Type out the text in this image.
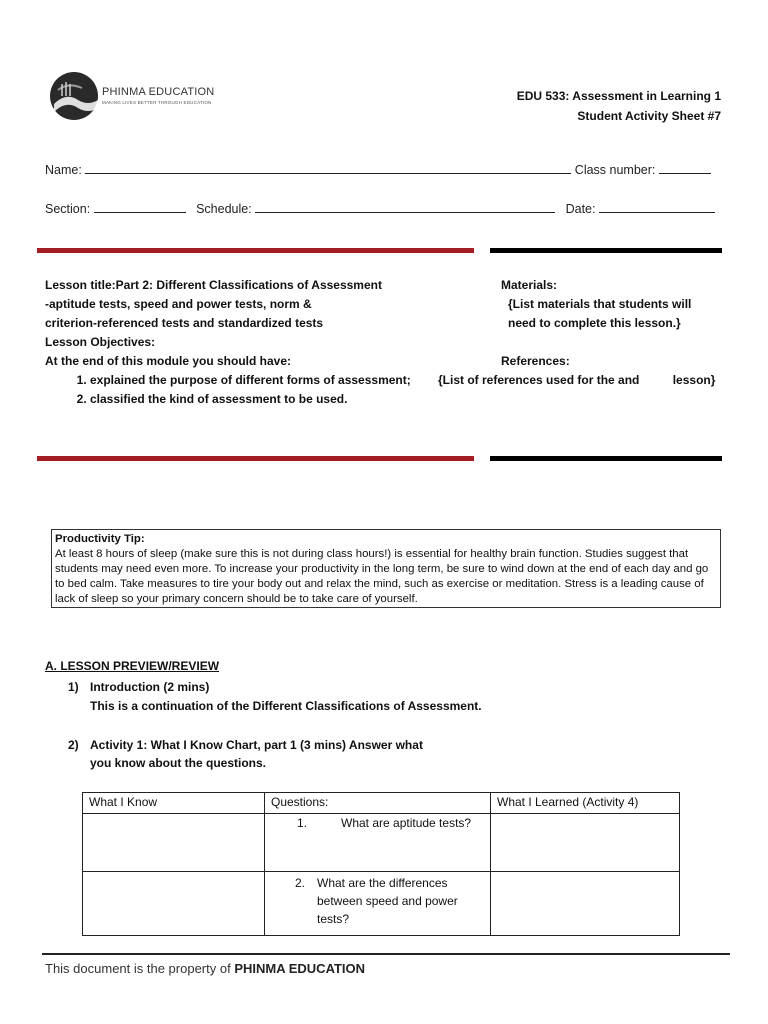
PHINMA EDUCATION
MAKING LIVES BETTER THROUGH EDUCATION	EDU 533: Assessment in Learning 1
Student Activity Sheet #7
Name:	Class number:
Section:	Schedule:	Date:
Lesson title:Part 2: Different Classifications of Assessment
-aptitude tests, speed and power tests, norm &
criterion-referenced tests and standardized tests
Lesson Objectives:
At the end of this module you should have:
1. explained the purpose of different forms of assessment;
2. classified the kind of assessment to be used.
Materials:
{List materials that students will
need to complete this lesson.}
References:
{List of references used for the and          lesson}
Productivity Tip:
At least 8 hours of sleep (make sure this is not during class hours!) is essential for healthy brain function. Studies suggest that students may need even more. To increase your productivity in the long term, be sure to wind down at the end of each day and go to bed calm. Take measures to tire your body out and relax the mind, such as exercise or meditation. Stress is a leading cause of lack of sleep so your primary concern should be to take care of yourself.
A. LESSON PREVIEW/REVIEW
1) Introduction (2 mins)
This is a continuation of the Different Classifications of Assessment.
2) Activity 1: What I Know Chart, part 1 (3 mins) Answer what
you know about the questions.
What I Know	Questions:	What I Learned (Activity 4)
	1. What are aptitude tests?	

	2. What are the differences between speed and power tests?	

This document is the property of PHINMA EDUCATION
